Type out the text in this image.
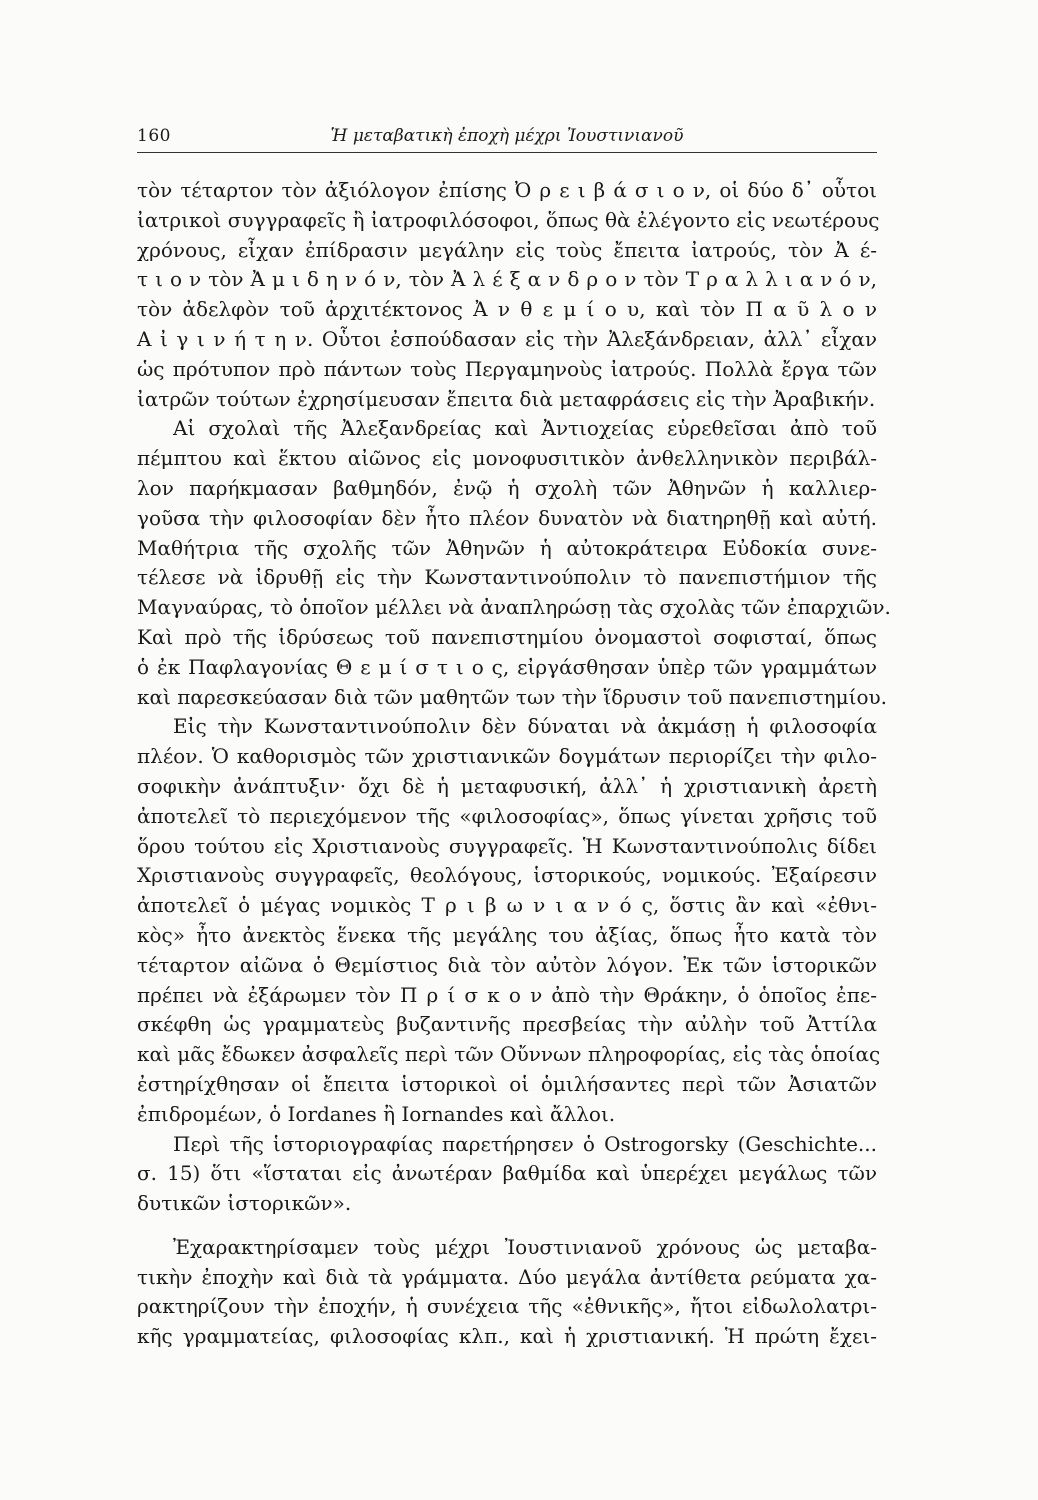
160	Ἡ μεταβατικὴ ἐποχὴ μέχρι Ἰουστινιανοῦ
τὸν τέταρτον τὸν ἀξιόλογον ἐπίσης Ὀ ρ ε ι β ά σ ι ο ν, οἱ δύο δ᾽ οὗτοι
ἰατρικοὶ συγγραφεῖς ἢ ἰατροφιλόσοφοι, ὅπως θὰ ἐλέγοντο εἰς νεωτέρους
χρόνους, εἶχαν ἐπίδρασιν μεγάλην εἰς τοὺς ἔπειτα ἰατρούς, τὸν Ἀ έ-
τ ι ο ν τὸν Ἀ μ ι δ η ν ό ν, τὸν Ἀ λ έ ξ α ν δ ρ ο ν τὸν Τ ρ α λ λ ι α ν ό ν,
τὸν ἀδελφὸν τοῦ ἀρχιτέκτονος Ἀ ν θ ε μ ί ο υ, καὶ τὸν Π α ῦ λ ο ν
Α ἰ γ ι ν ή τ η ν. Οὗτοι ἐσπούδασαν εἰς τὴν Ἀλεξάνδρειαν, ἀλλ᾽ εἶχαν
ὡς πρότυπον πρὸ πάντων τοὺς Περγαμηνοὺς ἰατρούς. Πολλὰ ἔργα τῶν
ἰατρῶν τούτων ἐχρησίμευσαν ἔπειτα διὰ μεταφράσεις εἰς τὴν Ἀραβικήν.
Αἱ σχολαὶ τῆς Ἀλεξανδρείας καὶ Ἀντιοχείας εὑρεθεῖσαι ἀπὸ τοῦ
πέμπτου καὶ ἕκτου αἰῶνος εἰς μονοφυσιτικὸν ἀνθελληνικὸν περιβάλ-
λον παρήκμασαν βαθμηδόν, ἐνῷ ἡ σχολὴ τῶν Ἀθηνῶν ἡ καλλιερ-
γοῦσα τὴν φιλοσοφίαν δὲν ἦτο πλέον δυνατὸν νὰ διατηρηθῇ καὶ αὐτή.
Μαθήτρια τῆς σχολῆς τῶν Ἀθηνῶν ἡ αὐτοκράτειρα Εὐδοκία συνε-
τέλεσε νὰ ἱδρυθῇ εἰς τὴν Κωνσταντινούπολιν τὸ πανεπιστήμιον τῆς
Μαγναύρας, τὸ ὁποῖον μέλλει νὰ ἀναπληρώσῃ τὰς σχολὰς τῶν ἐπαρχιῶν.
Καὶ πρὸ τῆς ἱδρύσεως τοῦ πανεπιστημίου ὀνομαστοὶ σοφισταί, ὅπως
ὁ ἐκ Παφλαγονίας Θ ε μ ί σ τ ι ο ς, εἰργάσθησαν ὑπὲρ τῶν γραμμάτων
καὶ παρεσκεύασαν διὰ τῶν μαθητῶν των τὴν ἵδρυσιν τοῦ πανεπιστημίου.
Εἰς τὴν Κωνσταντινούπολιν δὲν δύναται νὰ ἀκμάσῃ ἡ φιλοσοφία
πλέον. Ὁ καθορισμὸς τῶν χριστιανικῶν δογμάτων περιορίζει τὴν φιλο-
σοφικὴν ἀνάπτυξιν· ὄχι δὲ ἡ μεταφυσική, ἀλλ᾽ ἡ χριστιανικὴ ἀρετὴ
ἀποτελεῖ τὸ περιεχόμενον τῆς «φιλοσοφίας», ὅπως γίνεται χρῆσις τοῦ
ὅρου τούτου εἰς Χριστιανοὺς συγγραφεῖς. Ἡ Κωνσταντινούπολις δίδει
Χριστιανοὺς συγγραφεῖς, θεολόγους, ἱστορικούς, νομικούς. Ἐξαίρεσιν
ἀποτελεῖ ὁ μέγας νομικὸς Τ ρ ι β ω ν ι α ν ό ς, ὅστις ἂν καὶ «ἐθνι-
κὸς» ἦτο ἀνεκτὸς ἕνεκα τῆς μεγάλης του ἀξίας, ὅπως ἦτο κατὰ τὸν
τέταρτον αἰῶνα ὁ Θεμίστιος διὰ τὸν αὐτὸν λόγον. Ἐκ τῶν ἱστορικῶν
πρέπει νὰ ἐξάρωμεν τὸν Π ρ ί σ κ ο ν ἀπὸ τὴν Θράκην, ὁ ὁποῖος ἐπε-
σκέφθη ὡς γραμματεὺς βυζαντινῆς πρεσβείας τὴν αὐλὴν τοῦ Ἀττίλα
καὶ μᾶς ἔδωκεν ἀσφαλεῖς περὶ τῶν Οὔννων πληροφορίας, εἰς τὰς ὁποίας
ἐστηρίχθησαν οἱ ἔπειτα ἱστορικοὶ οἱ ὁμιλήσαντες περὶ τῶν Ἀσιατῶν
ἐπιδρομέων, ὁ Iordanes ἢ Iornandes καὶ ἄλλοι.
Περὶ τῆς ἱστοριογραφίας παρετήρησεν ὁ Ostrogorsky (Geschichte...
σ. 15) ὅτι «ἵσταται εἰς ἀνωτέραν βαθμίδα καὶ ὑπερέχει μεγάλως τῶν
δυτικῶν ἱστορικῶν».
Ἐχαρακτηρίσαμεν τοὺς μέχρι Ἰουστινιανοῦ χρόνους ὡς μεταβα-
τικὴν ἐποχὴν καὶ διὰ τὰ γράμματα. Δύο μεγάλα ἀντίθετα ρεύματα χα-
ρακτηρίζουν τὴν ἐποχήν, ἡ συνέχεια τῆς «ἐθνικῆς», ἤτοι εἰδωλολατρι-
κῆς γραμματείας, φιλοσοφίας κλπ., καὶ ἡ χριστιανική. Ἡ πρώτη ἔχει-
